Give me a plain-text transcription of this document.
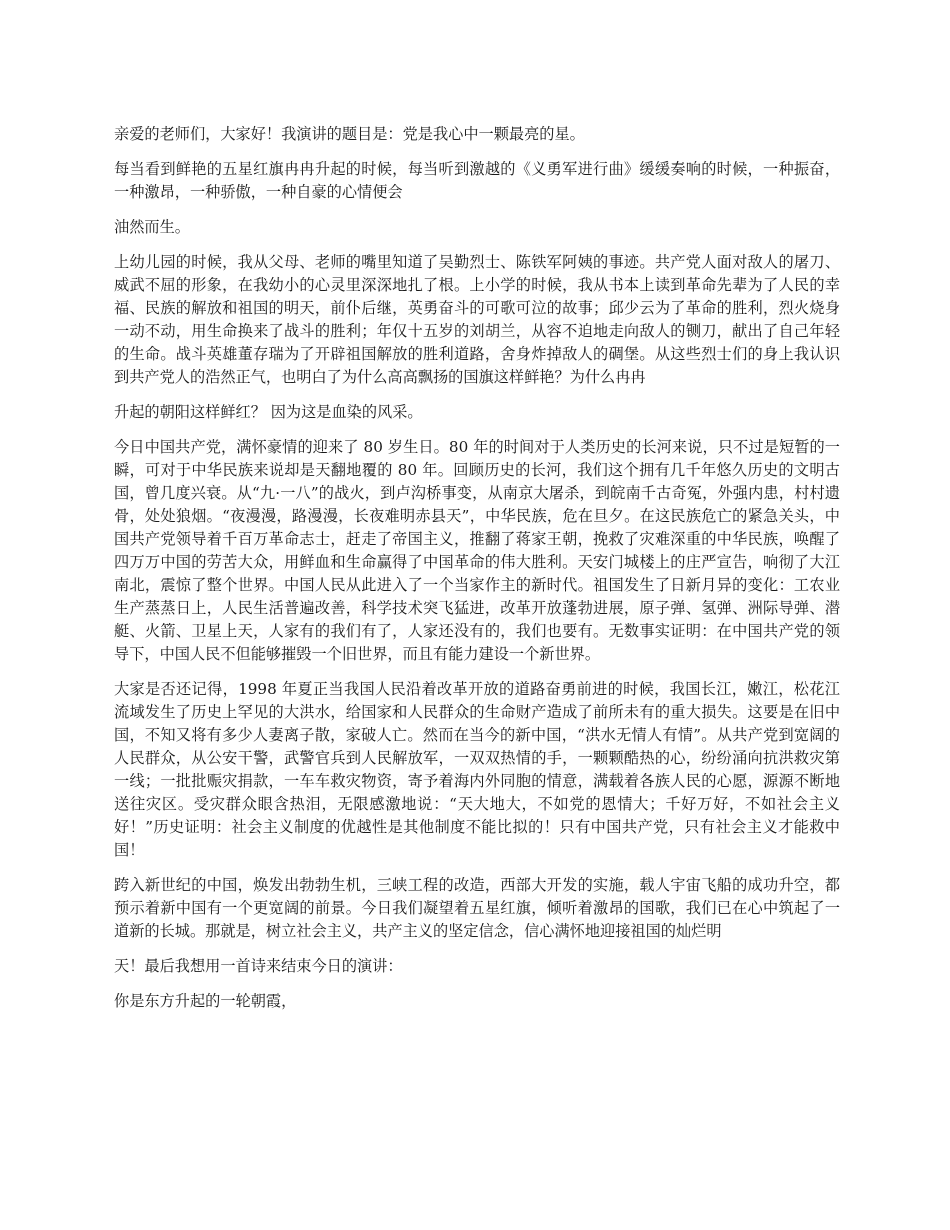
亲爱的老师们，大家好！我演讲的题目是：党是我心中一颗最亮的星。

每当看到鲜艳的五星红旗冉冉升起的时候，每当听到激越的《义勇军进行曲》缓缓奏响的时候，一种振奋，一种激昂，一种骄傲，一种自豪的心情便会

油然而生。

上幼儿园的时候，我从父母、老师的嘴里知道了吴勤烈士、陈铁军阿姨的事迹。共产党人面对敌人的屠刀、威武不屈的形象，在我幼小的心灵里深深地扎了根。上小学的时候，我从书本上读到革命先辈为了人民的幸福、民族的解放和祖国的明天，前仆后继，英勇奋斗的可歌可泣的故事；邱少云为了革命的胜利，烈火烧身一动不动，用生命换来了战斗的胜利；年仅十五岁的刘胡兰，从容不迫地走向敌人的铡刀，献出了自己年轻的生命。战斗英雄董存瑞为了开辟祖国解放的胜利道路，舍身炸掉敌人的碉堡。从这些烈士们的身上我认识到共产党人的浩然正气，也明白了为什么高高飘扬的国旗这样鲜艳？为什么冉冉

升起的朝阳这样鲜红？ 因为这是血染的风采。

今日中国共产党，满怀豪情的迎来了 80 岁生日。80 年的时间对于人类历史的长河来说，只不过是短暂的一瞬，可对于中华民族来说却是天翻地覆的 80 年。回顾历史的长河，我们这个拥有几千年悠久历史的文明古国，曾几度兴衰。从“九·一八”的战火，到卢沟桥事变，从南京大屠杀，到皖南千古奇冤，外强内患，村村遗骨，处处狼烟。“夜漫漫，路漫漫，长夜难明赤县天”，中华民族，危在旦夕。在这民族危亡的紧急关头，中国共产党领导着千百万革命志士，赶走了帝国主义，推翻了蒋家王朝，挽救了灾难深重的中华民族，唤醒了四万万中国的劳苦大众，用鲜血和生命赢得了中国革命的伟大胜利。天安门城楼上的庄严宣告，响彻了大江南北，震惊了整个世界。中国人民从此进入了一个当家作主的新时代。祖国发生了日新月异的变化：工农业生产蒸蒸日上，人民生活普遍改善，科学技术突飞猛进，改革开放蓬勃进展，原子弹、氢弹、洲际导弹、潜艇、火箭、卫星上天，人家有的我们有了，人家还没有的，我们也要有。无数事实证明：在中国共产党的领导下，中国人民不但能够摧毁一个旧世界，而且有能力建设一个新世界。

大家是否还记得，1998 年夏正当我国人民沿着改革开放的道路奋勇前进的时候，我国长江，嫩江，松花江流域发生了历史上罕见的大洪水，给国家和人民群众的生命财产造成了前所未有的重大损失。这要是在旧中国，不知又将有多少人妻离子散，家破人亡。然而在当今的新中国，“洪水无情人有情”。从共产党到宽阔的人民群众，从公安干警，武警官兵到人民解放军，一双双热情的手，一颗颗酷热的心，纷纷涌向抗洪救灾第一线；一批批赈灾捐款，一车车救灾物资，寄予着海内外同胞的情意，满载着各族人民的心愿，源源不断地送往灾区。受灾群众眼含热泪，无限感激地说：“天大地大，不如党的恩情大；千好万好，不如社会主义好！”历史证明：社会主义制度的优越性是其他制度不能比拟的！只有中国共产党，只有社会主义才能救中国！

跨入新世纪的中国，焕发出勃勃生机，三峡工程的改造，西部大开发的实施，载人宇宙飞船的成功升空，都预示着新中国有一个更宽阔的前景。今日我们凝望着五星红旗，倾听着激昂的国歌，我们已在心中筑起了一道新的长城。那就是，树立社会主义，共产主义的坚定信念，信心满怀地迎接祖国的灿烂明

天！最后我想用一首诗来结束今日的演讲：

你是东方升起的一轮朝霞，
